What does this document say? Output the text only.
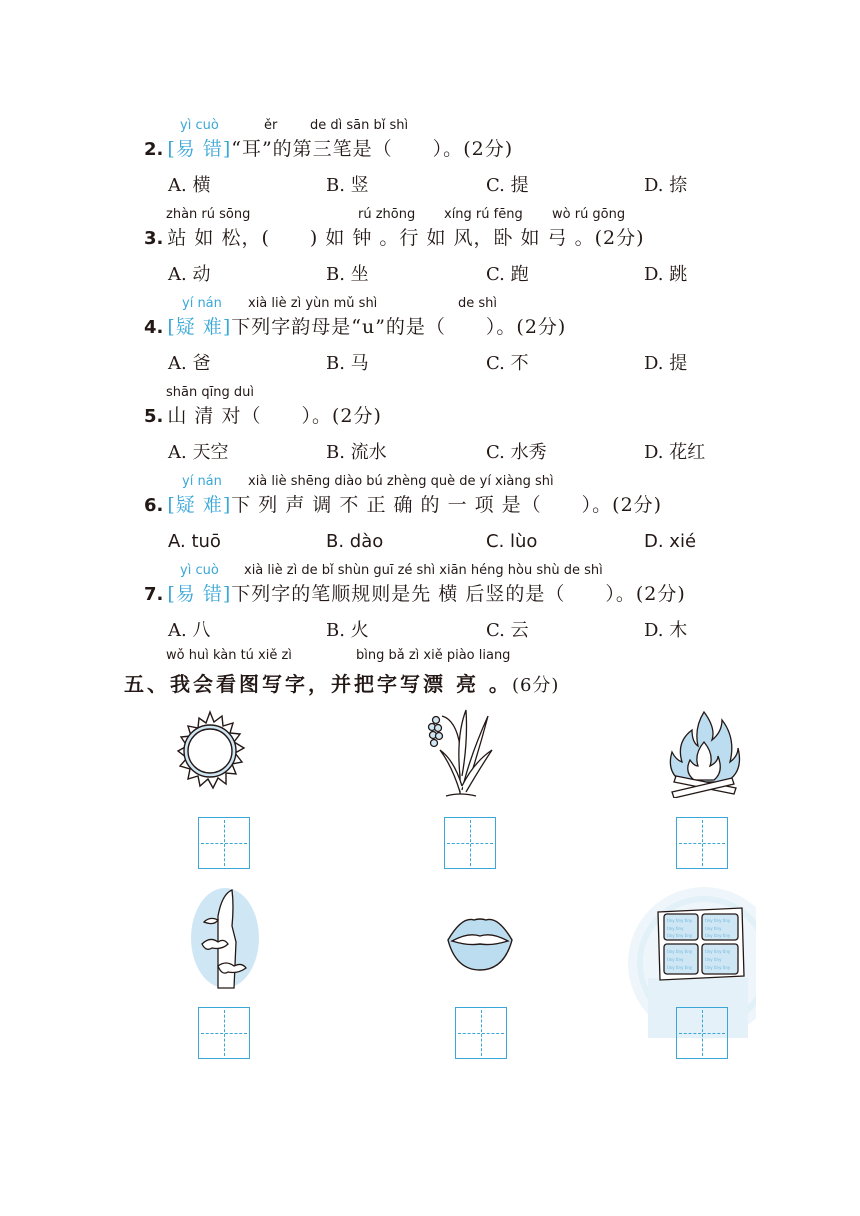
yì cuò	ěr	de dì sān bǐ shì
2. [易 错]“耳”的第三笔是（　　）。(2分)
A. 横	B. 竖	C. 提	D. 捺
zhàn rú sōng	rú zhōng xíng rú fēng wò rú gōng
3. 站 如 松，(　　) 如 钟 。行 如 风，卧 如 弓 。(2分)
A. 动	B. 坐	C. 跑	D. 跳
yí nán xià liè zì yùn mǔ shì	de shì
4. [疑 难]下列字韵母是“u”的是（　　）。(2分)
A. 爸	B. 马	C. 不	D. 提
shān qīng duì
5. 山 清 对（　　）。(2分)
A. 天空	B. 流水	C. 水秀	D. 花红
yí nán xià liè shēng diào bú zhèng què de yí xiàng shì
6. [疑 难]下 列 声 调 不 正 确 的 一 项 是（　　）。(2分)
A. tuō	B. dào	C. lùo	D. xié
yì cuò xià liè zì de bǐ shùn guī zé shì xiān héng hòu shù de shì
7. [易 错]下列字的笔顺规则是先 横 后竖的是（　　）。(2分)
A. 八	B. 火	C. 云	D. 木
wǒ huì kàn tú xiě zì	bìng bǎ zì xiě piào liang
五、我会看图写字，并把字写漂 亮 。(6分)
tiny tiny tiny
tiny tiny
tiny tiny tiny
tiny tiny tiny
tiny tiny
tiny tiny tiny
tiny tiny tiny
tiny tiny
tiny tiny tiny
tiny tiny tiny
tiny tiny
tiny tiny tiny
